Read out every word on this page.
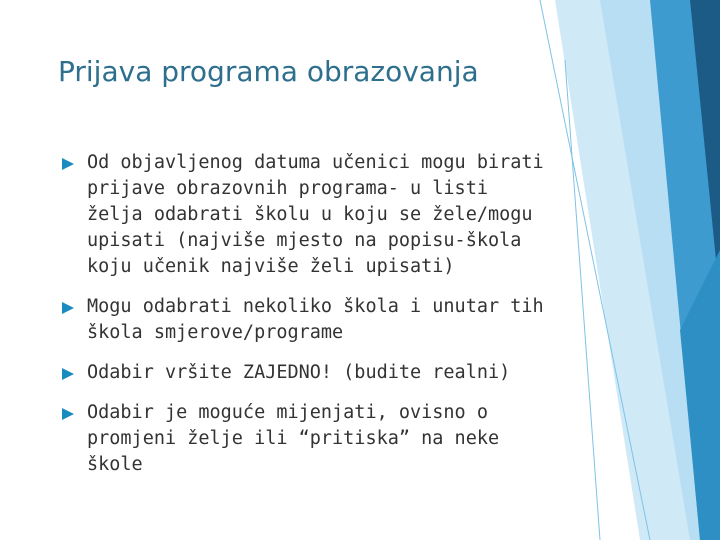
Prijava programa obrazovanja
Od objavljenog datuma učenici mogu birati prijave obrazovnih programa- u listi želja odabrati školu u koju se žele/mogu upisati (najviše mjesto na popisu-škola koju učenik najviše želi upisati)
Mogu odabrati nekoliko škola i unutar tih škola smjerove/programe
Odabir vršite ZAJEDNO! (budite realni)
Odabir je moguće mijenjati, ovisno o promjeni želje ili “pritiska” na neke škole
